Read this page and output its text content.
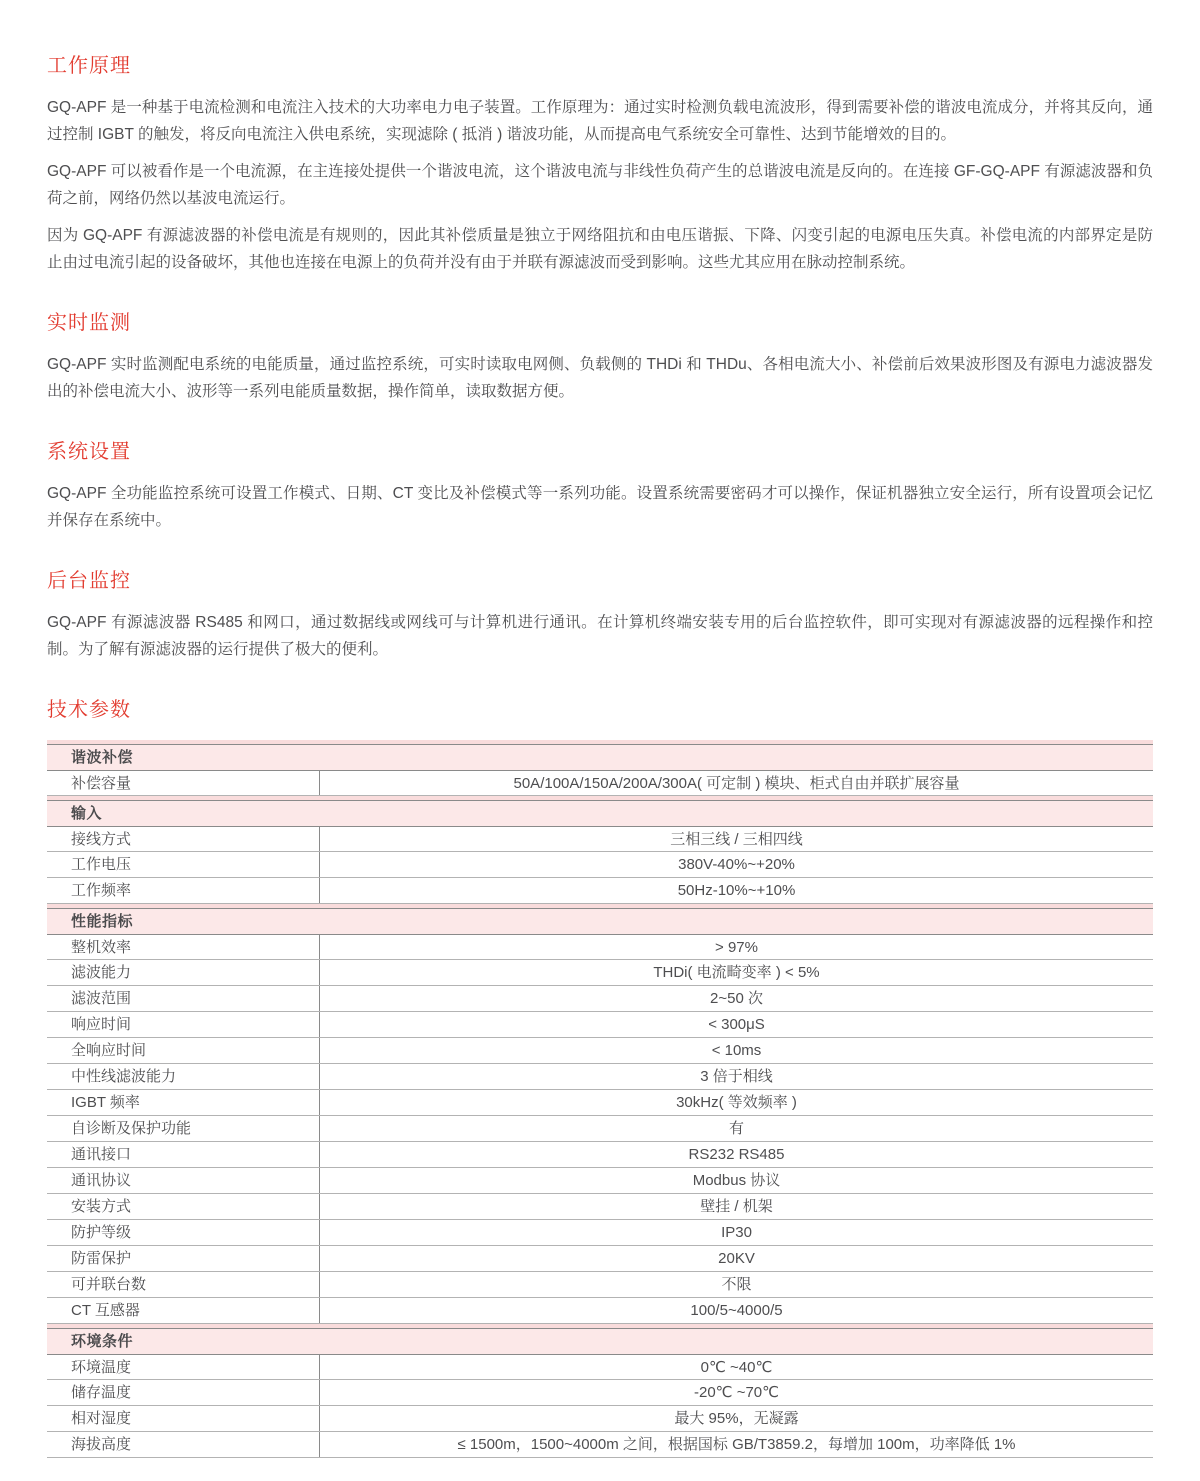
工作原理

GQ-APF 是一种基于电流检测和电流注入技术的大功率电力电子装置。工作原理为：通过实时检测负载电流波形，得到需要补偿的谐波电流成分，并将其反向，通过控制 IGBT 的触发，将反向电流注入供电系统，实现滤除 ( 抵消 ) 谐波功能，从而提高电气系统安全可靠性、达到节能增效的目的。

GQ-APF 可以被看作是一个电流源，在主连接处提供一个谐波电流，这个谐波电流与非线性负荷产生的总谐波电流是反向的。在连接 GF-GQ-APF 有源滤波器和负荷之前，网络仍然以基波电流运行。

因为 GQ-APF 有源滤波器的补偿电流是有规则的，因此其补偿质量是独立于网络阻抗和由电压谐振、下降、闪变引起的电源电压失真。补偿电流的内部界定是防止由过电流引起的设备破坏，其他也连接在电源上的负荷并没有由于并联有源滤波而受到影响。这些尤其应用在脉动控制系统。

实时监测

GQ-APF 实时监测配电系统的电能质量，通过监控系统，可实时读取电网侧、负载侧的 THDi 和 THDu、各相电流大小、补偿前后效果波形图及有源电力滤波器发出的补偿电流大小、波形等一系列电能质量数据，操作简单，读取数据方便。

系统设置

GQ-APF 全功能监控系统可设置工作模式、日期、CT 变比及补偿模式等一系列功能。设置系统需要密码才可以操作，保证机器独立安全运行，所有设置项会记忆并保存在系统中。

后台监控

GQ-APF 有源滤波器 RS485 和网口，通过数据线或网线可与计算机进行通讯。在计算机终端安装专用的后台监控软件，即可实现对有源滤波器的远程操作和控制。为了解有源滤波器的运行提供了极大的便利。

技术参数
谐波补偿
补偿容量	50A/100A/150A/200A/300A( 可定制 ) 模块、柜式自由并联扩展容量
输入
接线方式	三相三线 / 三相四线
工作电压	380V-40%~+20%
工作频率	50Hz-10%~+10%
性能指标
整机效率	> 97%
滤波能力	THDi( 电流畸变率 ) < 5%
滤波范围	2~50 次
响应时间	< 300μS
全响应时间	< 10ms
中性线滤波能力	3 倍于相线
IGBT 频率	30kHz( 等效频率 )
自诊断及保护功能	有
通讯接口	RS232 RS485
通讯协议	Modbus 协议
安装方式	壁挂 / 机架
防护等级	IP30
防雷保护	20KV
可并联台数	不限
CT 互感器	100/5~4000/5
环境条件
环境温度	0℃ ~40℃
储存温度	-20℃ ~70℃
相对湿度	最大 95%，无凝露
海拔高度	≤ 1500m，1500~4000m 之间，根据国标 GB/T3859.2，每增加 100m，功率降低 1%
